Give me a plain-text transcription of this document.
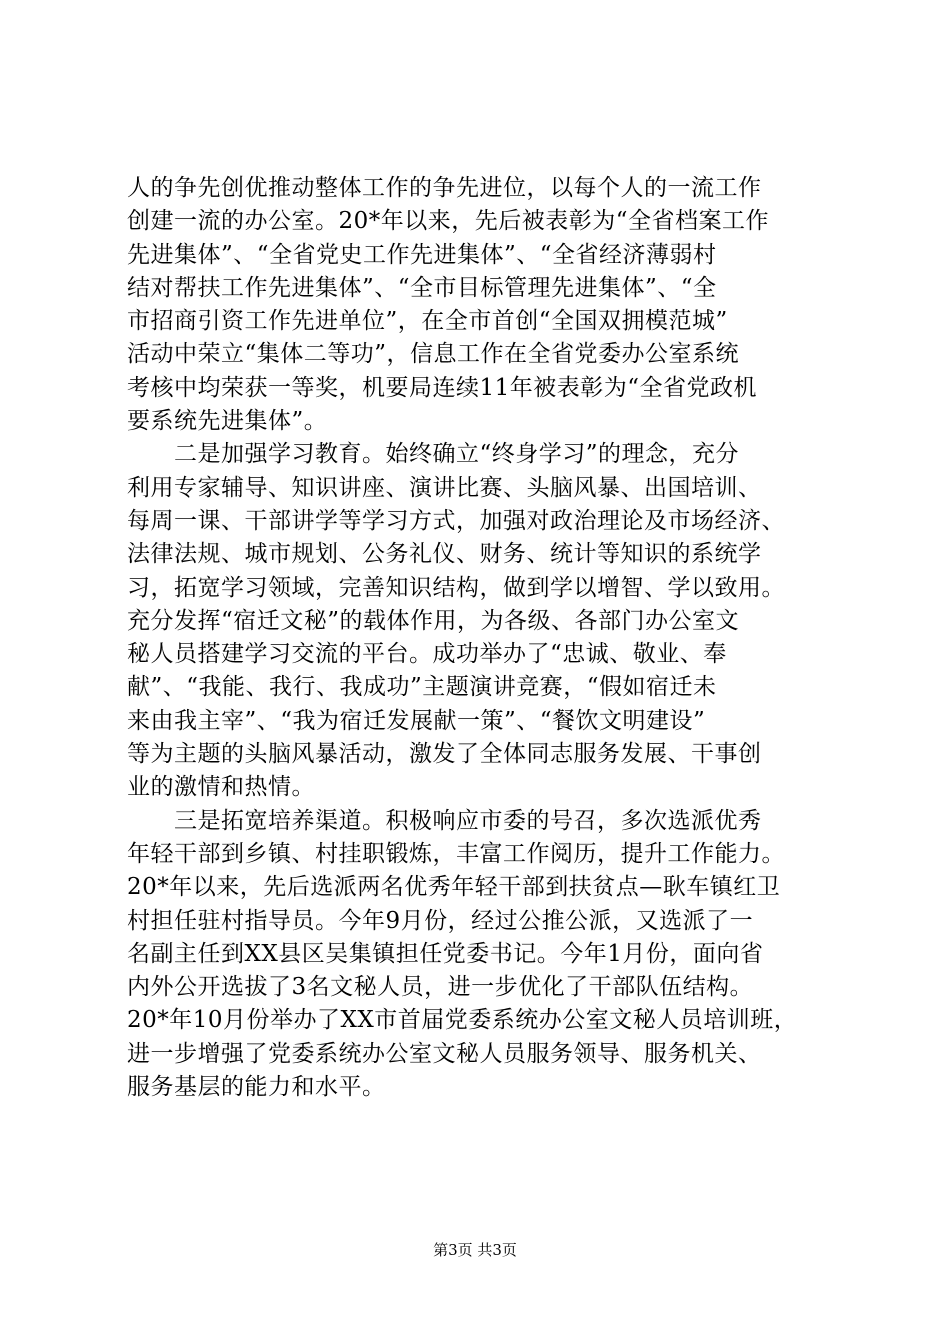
人的争先创优推动整体工作的争先进位，以每个人的一流工作
创建一流的办公室。20*年以来，先后被表彰为“全省档案工作
先进集体”、“全省党史工作先进集体”、“全省经济薄弱村
结对帮扶工作先进集体”、“全市目标管理先进集体”、“全
市招商引资工作先进单位”，在全市首创“全国双拥模范城”
活动中荣立“集体二等功”，信息工作在全省党委办公室系统
考核中均荣获一等奖，机要局连续11年被表彰为“全省党政机
要系统先进集体”。
二是加强学习教育。始终确立“终身学习”的理念，充分
利用专家辅导、知识讲座、演讲比赛、头脑风暴、出国培训、
每周一课、干部讲学等学习方式，加强对政治理论及市场经济、
法律法规、城市规划、公务礼仪、财务、统计等知识的系统学
习，拓宽学习领域，完善知识结构，做到学以增智、学以致用。
充分发挥“宿迁文秘”的载体作用，为各级、各部门办公室文
秘人员搭建学习交流的平台。成功举办了“忠诚、敬业、奉
献”、“我能、我行、我成功”主题演讲竞赛，“假如宿迁未
来由我主宰”、“我为宿迁发展献一策”、“餐饮文明建设”
等为主题的头脑风暴活动，激发了全体同志服务发展、干事创
业的激情和热情。
三是拓宽培养渠道。积极响应市委的号召，多次选派优秀
年轻干部到乡镇、村挂职锻炼，丰富工作阅历，提升工作能力。
20*年以来，先后选派两名优秀年轻干部到扶贫点—耿车镇红卫
村担任驻村指导员。今年9月份，经过公推公派，又选派了一
名副主任到XX县区吴集镇担任党委书记。今年1月份，面向省
内外公开选拔了3名文秘人员，进一步优化了干部队伍结构。
20*年10月份举办了XX市首届党委系统办公室文秘人员培训班，
进一步增强了党委系统办公室文秘人员服务领导、服务机关、
服务基层的能力和水平。
第3页 共3页
